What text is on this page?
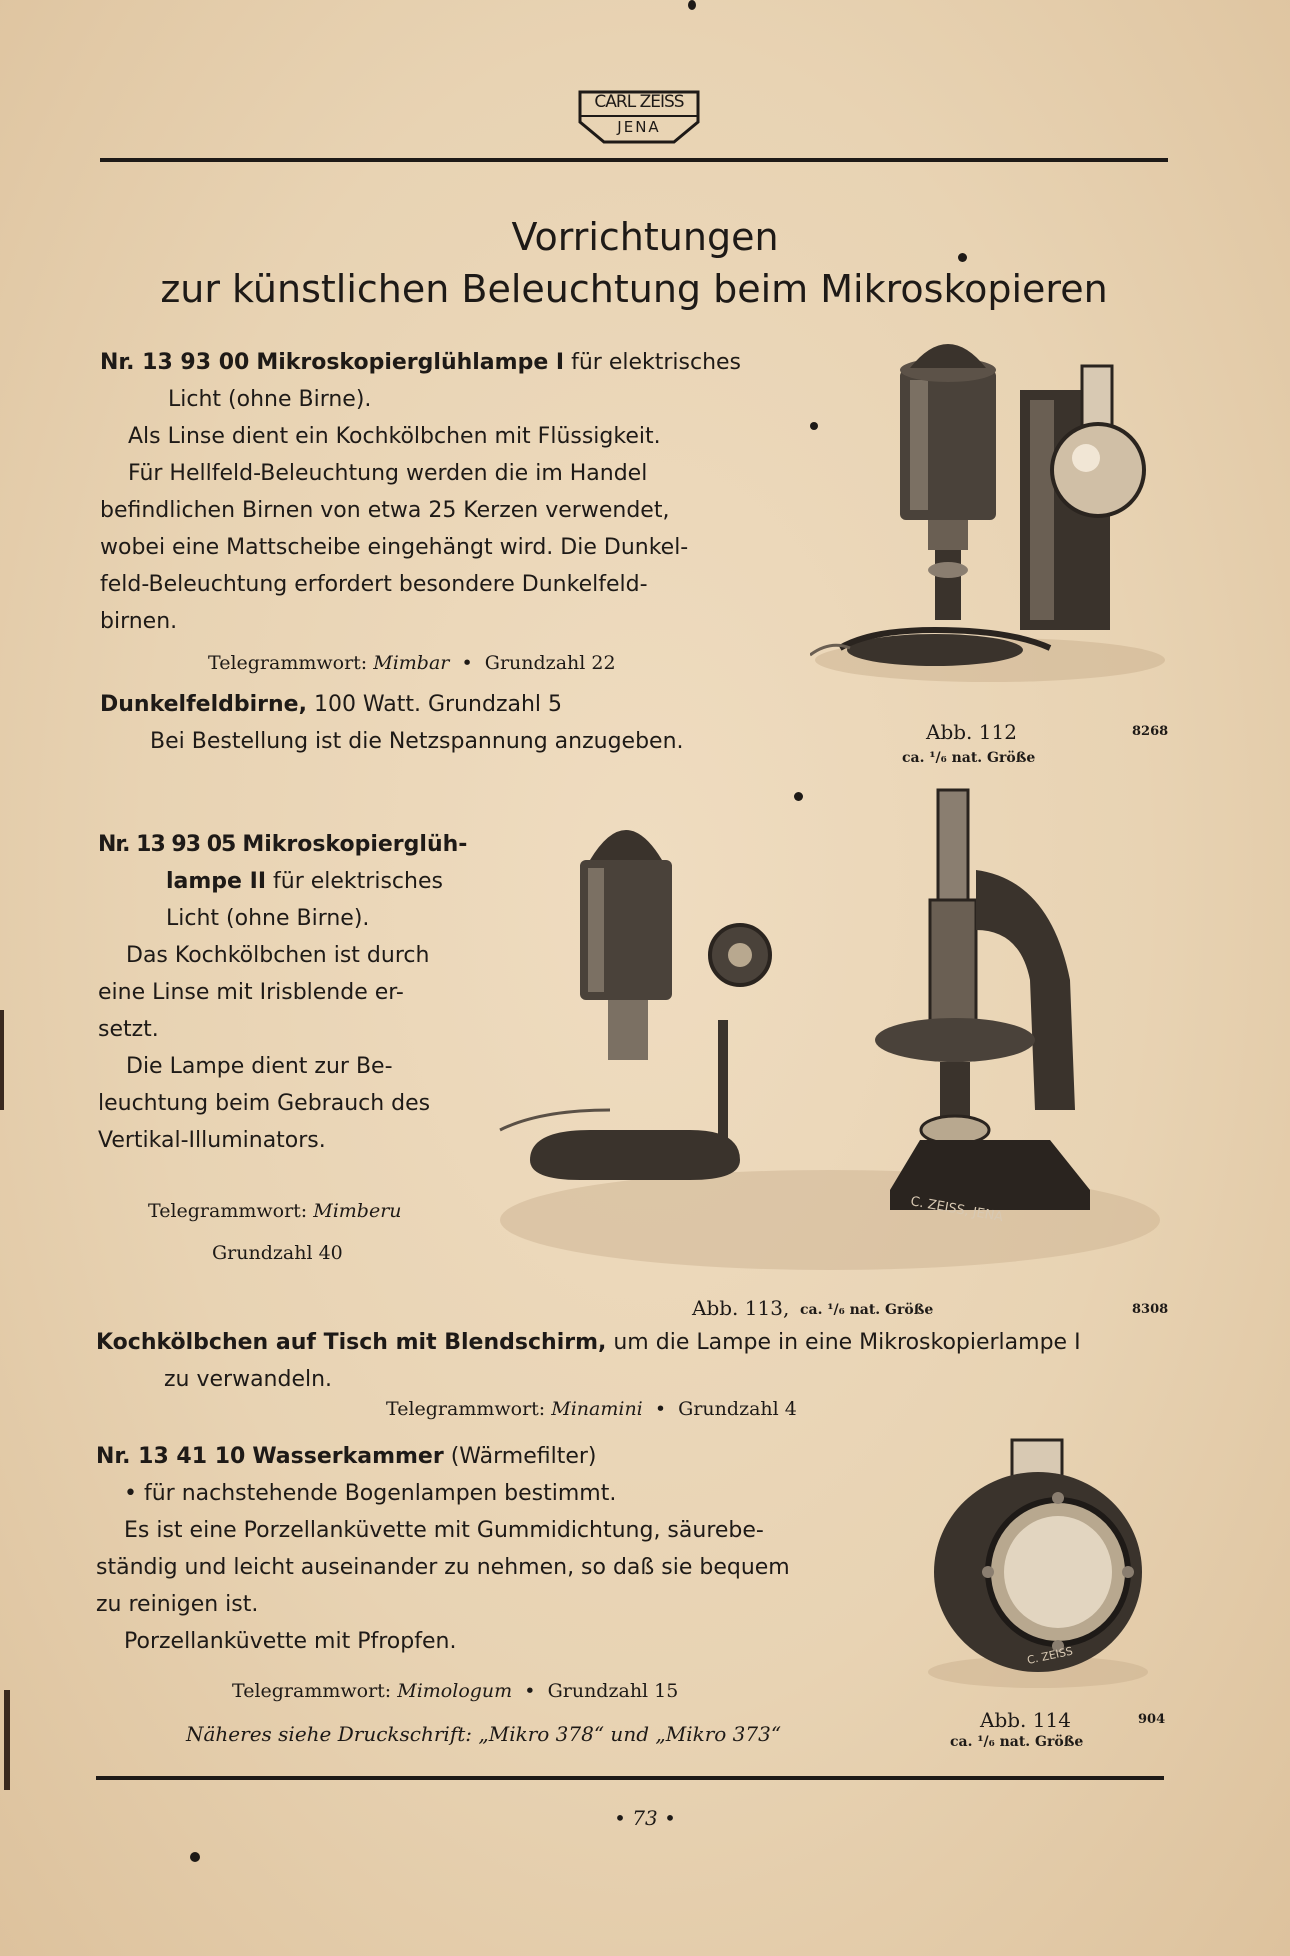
CARL ZEISS
JENA
Vorrichtungen
zur künstlichen Beleuchtung beim Mikroskopieren

Nr. 13 93 00 Mikroskopierglühlampe I für elektrisches

Licht (ohne Birne).

Als Linse dient ein Kochkölbchen mit Flüssigkeit.

Für Hellfeld-Beleuchtung werden die im Handel

befindlichen Birnen von etwa 25 Kerzen verwendet,

wobei eine Mattscheibe eingehängt wird. Die Dunkel-

feld-Beleuchtung erfordert besondere Dunkelfeld-

birnen.

Telegrammwort: Mimbar • Grundzahl 22

Dunkelfeldbirne, 100 Watt. Grundzahl 5

Bei Bestellung ist die Netzspannung anzugeben.	Abb. 112
ca. ¹/₆ nat. Größe
8268

Nr. 13 93 05 Mikroskopierglüh-

lampe II für elektrisches

Licht (ohne Birne).

Das Kochkölbchen ist durch

eine Linse mit Irisblende er-

setzt.

Die Lampe dient zur Be-

leuchtung beim Gebrauch des

Vertikal-Illuminators.

Telegrammwort: Mimberu
Grundzahl 40
C. ZEISS, JENA
Abb. 113, ca. ¹/₆ nat. Größe	8308

Kochkölbchen auf Tisch mit Blendschirm, um die Lampe in eine Mikroskopierlampe I

zu verwandeln.

Telegrammwort: Minamini • Grundzahl 4

Nr. 13 41 10 Wasserkammer (Wärmefilter)

• für nachstehende Bogenlampen bestimmt.

Es ist eine Porzellanküvette mit Gummidichtung, säurebe-

ständig und leicht auseinander zu nehmen, so daß sie bequem

zu reinigen ist.

Porzellanküvette mit Pfropfen.

Telegrammwort: Mimologum • Grundzahl 15
Näheres siehe Druckschrift: „Mikro 378“ und „Mikro 373“
C. ZEISS
Abb. 114
ca. ¹/₆ nat. Größe
904
• 73 •
